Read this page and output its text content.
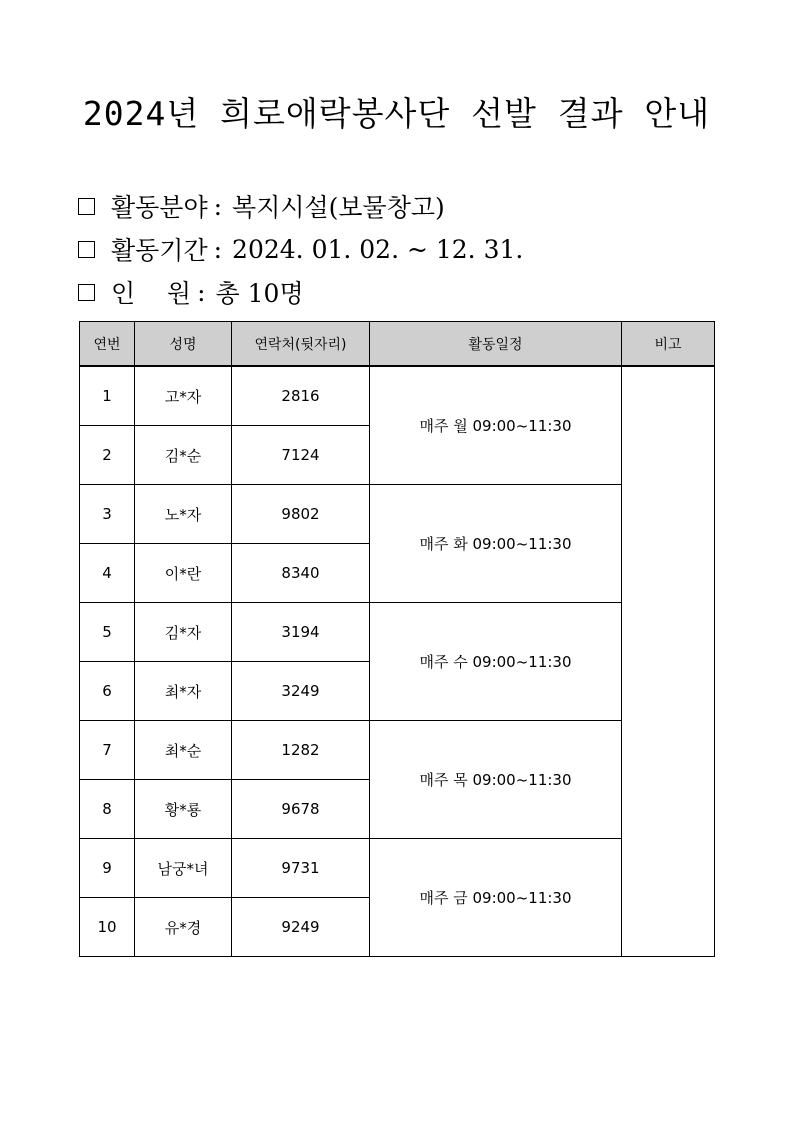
2024년 희로애락봉사단 선발 결과 안내
활동분야 : 복지시설(보물창고)
활동기간 : 2024. 01. 02. ~ 12. 31.
인    원 : 총 10명
연번	성명	연락처(뒷자리)	활동일정	비고
1	고*자	2816	매주 월 09:00~11:30	
2	김*순	7124		
3	노*자	9802	매주 화 09:00~11:30	
4	이*란	8340		
5	김*자	3194	매주 수 09:00~11:30	
6	최*자	3249		
7	최*순	1282	매주 목 09:00~11:30	
8	황*룡	9678		
9	남궁*녀	9731	매주 금 09:00~11:30	
10	유*경	9249		
